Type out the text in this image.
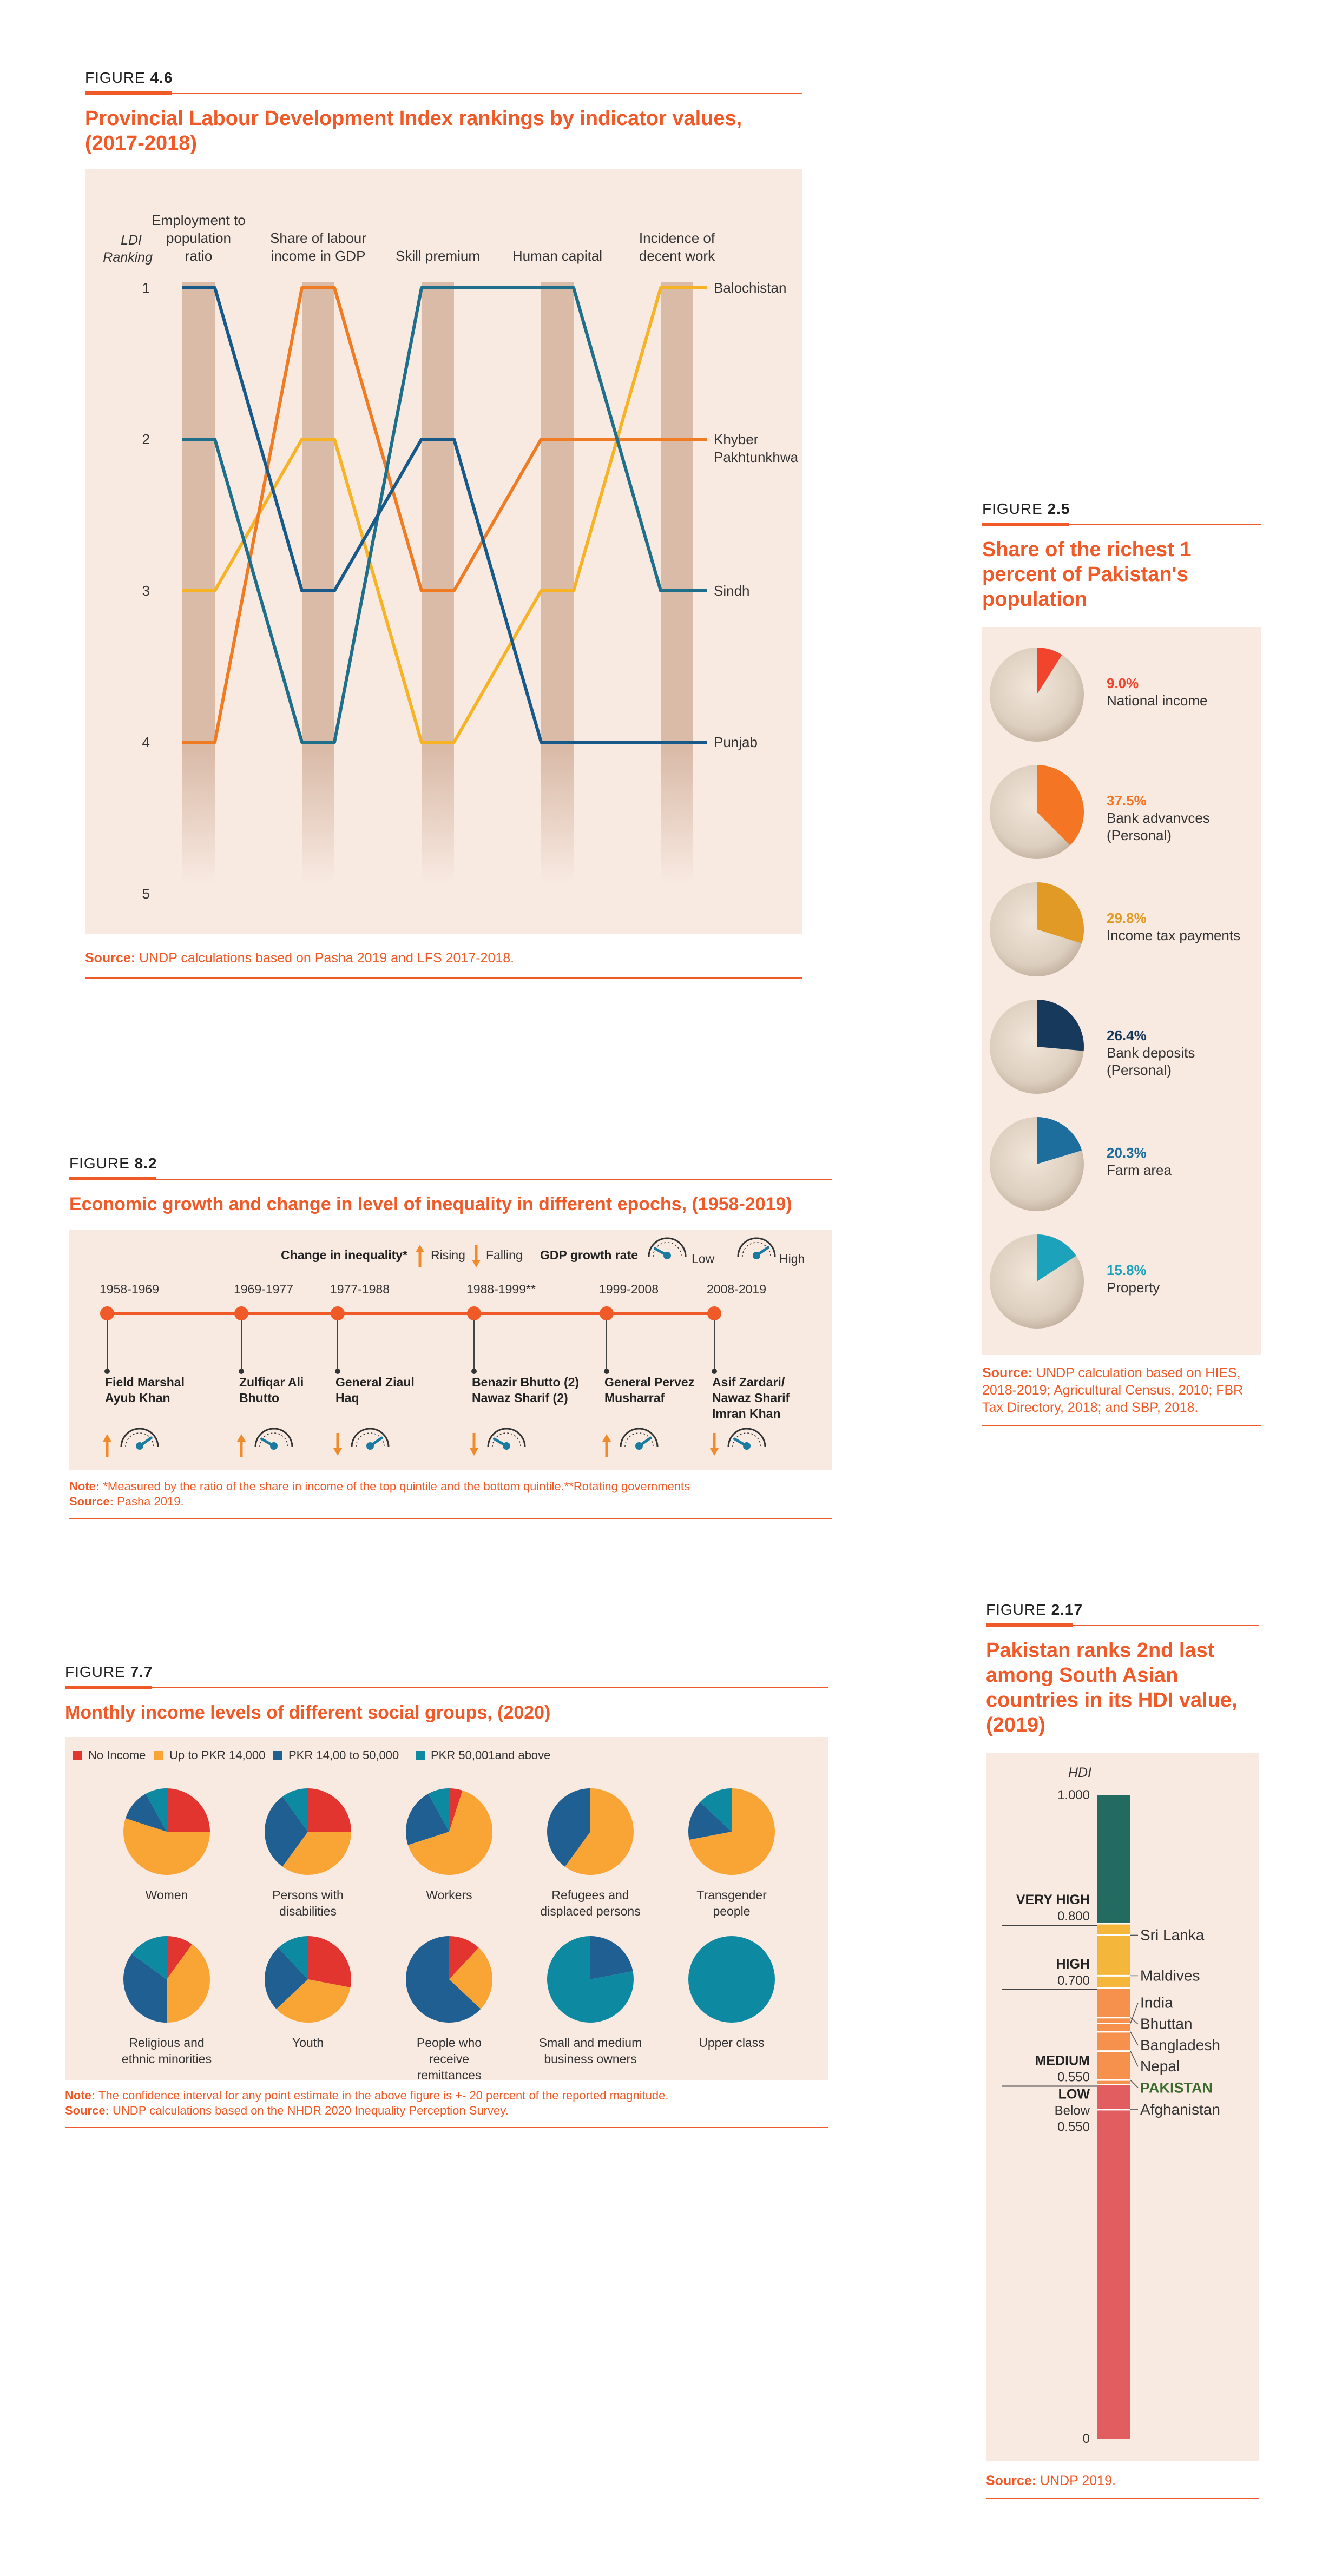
FIGURE 4.6
Provincial Labour Development Index rankings by indicator values, (2017-2018)
LDI
Ranking
1
2
3
4
5
Employment to population ratio
Share of labour income in GDP Skill premium Human capital
Incidence of decent work
Balochistan
Khyber Pakhtunkhwa
Sindh
Punjab
Source: UNDP calculations based on Pasha 2019 and LFS 2017-2018.
FIGURE 2.5
Share of the richest 1 percent of Pakistan's population
9.0%
National income
37.5%
Bank advanvces (Personal)
29.8%
Income tax payments
26.4%
Bank deposits (Personal)
20.3%
Farm area
15.8%
Property
Source: UNDP calculation based on HIES, 2018-2019; Agricultural Census, 2010; FBR Tax Directory, 2018; and SBP, 2018.
FIGURE 8.2
Economic growth and change in level of inequality in different epochs, (1958-2019)
Change in inequality* Rising Falling GDP growth rate	Low	High
1958-1969
Field Marshal Ayub Khan
1969-1977
Zulfiqar Ali Bhutto
1977-1988
General Ziaul Haq
1988-1999**
Benazir Bhutto (2) Nawaz Sharif (2)
1999-2008
General Pervez Musharraf
2008-2019
Asif Zardari/ Nawaz Sharif Imran Khan
Note: *Measured by the ratio of the share in income of the top quintile and the bottom quintile.**Rotating governments
Source: Pasha 2019.
FIGURE 7.7
Monthly income levels of different social groups, (2020)
No Income Up to PKR 14,000 PKR 14,00 to 50,000	PKR 50,001and above
Women	Persons with disabilities
Workers	Refugees and displaced persons
Transgender people
Religious and ethnic minorities
Youth	People who receive remittances
Small and medium business owners
Upper class
Note: The confidence interval for any point estimate in the above figure is +- 20 percent of the reported magnitude.
Source: UNDP calculations based on the NHDR 2020 Inequality Perception Survey.
FIGURE 2.17
Pakistan ranks 2nd last among South Asian countries in its HDI value, (2019)
HDI
1.000
0
VERY HIGH
0.800
HIGH
0.700
MEDIUM
0.550
LOW
Below
0.550
Sri Lanka
Maldives
India
Bhuttan
Bangladesh
Nepal
PAKISTAN
Afghanistan
Source: UNDP 2019.
